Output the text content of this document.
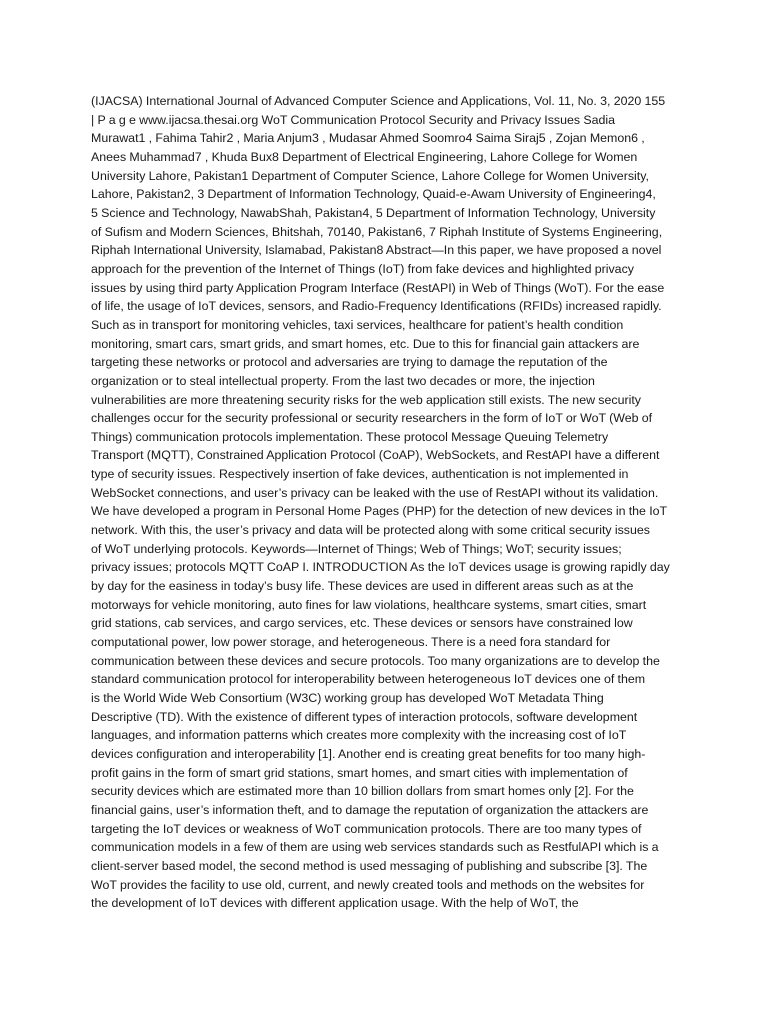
(IJACSA) International Journal of Advanced Computer Science and Applications, Vol. 11, No. 3, 2020 155
| P a g e www.ijacsa.thesai.org WoT Communication Protocol Security and Privacy Issues Sadia
Murawat1 , Fahima Tahir2 , Maria Anjum3 , Mudasar Ahmed Soomro4 Saima Siraj5 , Zojan Memon6 ,
Anees Muhammad7 , Khuda Bux8 Department of Electrical Engineering, Lahore College for Women
University Lahore, Pakistan1 Department of Computer Science, Lahore College for Women University,
Lahore, Pakistan2, 3 Department of Information Technology, Quaid-e-Awam University of Engineering4,
5 Science and Technology, NawabShah, Pakistan4, 5 Department of Information Technology, University
of Sufism and Modern Sciences, Bhitshah, 70140, Pakistan6, 7 Riphah Institute of Systems Engineering,
Riphah International University, Islamabad, Pakistan8 Abstract—In this paper, we have proposed a novel
approach for the prevention of the Internet of Things (IoT) from fake devices and highlighted privacy
issues by using third party Application Program Interface (RestAPI) in Web of Things (WoT). For the ease
of life, the usage of IoT devices, sensors, and Radio-Frequency Identifications (RFIDs) increased rapidly.
Such as in transport for monitoring vehicles, taxi services, healthcare for patient’s health condition
monitoring, smart cars, smart grids, and smart homes, etc. Due to this for financial gain attackers are
targeting these networks or protocol and adversaries are trying to damage the reputation of the
organization or to steal intellectual property. From the last two decades or more, the injection
vulnerabilities are more threatening security risks for the web application still exists. The new security
challenges occur for the security professional or security researchers in the form of IoT or WoT (Web of
Things) communication protocols implementation. These protocol Message Queuing Telemetry
Transport (MQTT), Constrained Application Protocol (CoAP), WebSockets, and RestAPI have a different
type of security issues. Respectively insertion of fake devices, authentication is not implemented in
WebSocket connections, and user’s privacy can be leaked with the use of RestAPI without its validation.
We have developed a program in Personal Home Pages (PHP) for the detection of new devices in the IoT
network. With this, the user’s privacy and data will be protected along with some critical security issues
of WoT underlying protocols. Keywords—Internet of Things; Web of Things; WoT; security issues;
privacy issues; protocols MQTT CoAP I. INTRODUCTION As the IoT devices usage is growing rapidly day
by day for the easiness in today’s busy life. These devices are used in different areas such as at the
motorways for vehicle monitoring, auto fines for law violations, healthcare systems, smart cities, smart
grid stations, cab services, and cargo services, etc. These devices or sensors have constrained low
computational power, low power storage, and heterogeneous. There is a need fora standard for
communication between these devices and secure protocols. Too many organizations are to develop the
standard communication protocol for interoperability between heterogeneous IoT devices one of them
is the World Wide Web Consortium (W3C) working group has developed WoT Metadata Thing
Descriptive (TD). With the existence of different types of interaction protocols, software development
languages, and information patterns which creates more complexity with the increasing cost of IoT
devices configuration and interoperability [1]. Another end is creating great benefits for too many high-
profit gains in the form of smart grid stations, smart homes, and smart cities with implementation of
security devices which are estimated more than 10 billion dollars from smart homes only [2]. For the
financial gains, user’s information theft, and to damage the reputation of organization the attackers are
targeting the IoT devices or weakness of WoT communication protocols. There are too many types of
communication models in a few of them are using web services standards such as RestfulAPI which is a
client-server based model, the second method is used messaging of publishing and subscribe [3]. The
WoT provides the facility to use old, current, and newly created tools and methods on the websites for
the development of IoT devices with different application usage. With the help of WoT, the
